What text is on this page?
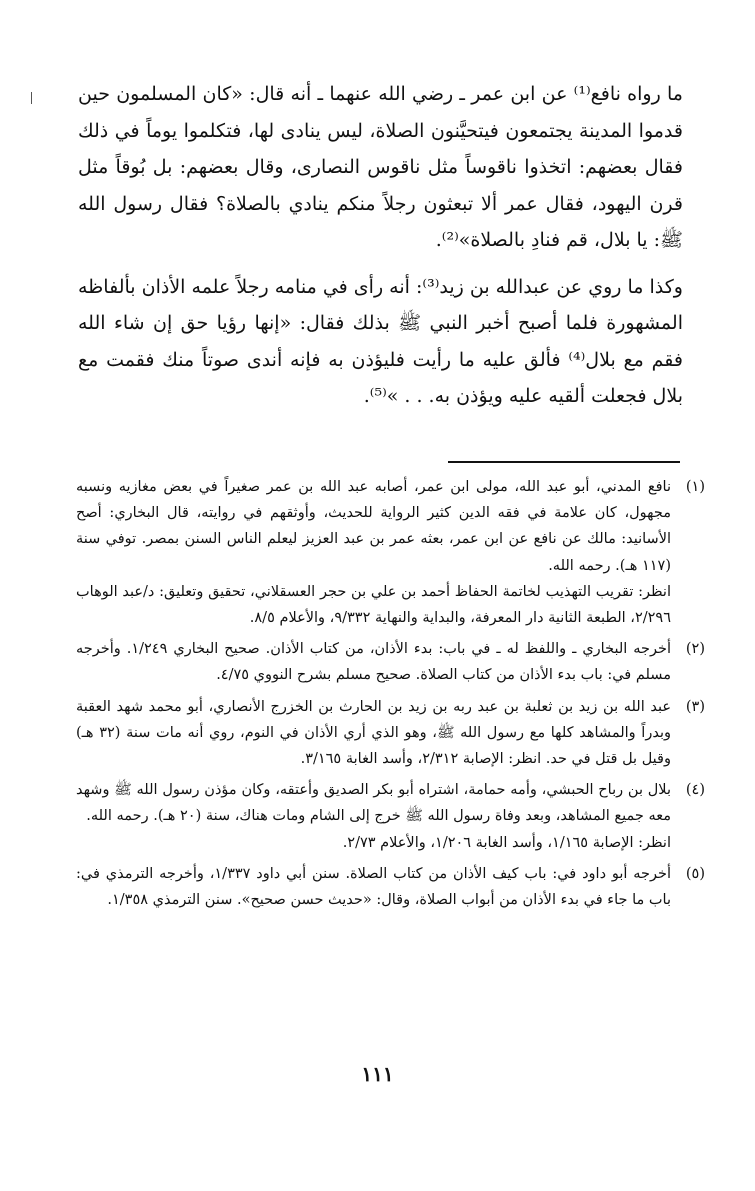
ما رواه نافع⁽¹⁾ عن ابن عمر ـ رضي الله عنهما ـ أنه قال: «كان المسلمون حين قدموا المدينة يجتمعون فيتحيَّنون الصلاة، ليس ينادى لها، فتكلموا يوماً في ذلك فقال بعضهم: اتخذوا ناقوساً مثل ناقوس النصارى، وقال بعضهم: بل بُوقاً مثل قرن اليهود، فقال عمر ألا تبعثون رجلاً منكم ينادي بالصلاة؟ فقال رسول الله ﷺ: يا بلال، قم فنادِ بالصلاة»⁽²⁾.

وكذا ما روي عن عبدالله بن زيد⁽³⁾: أنه رأى في منامه رجلاً علمه الأذان بألفاظه المشهورة فلما أصبح أخبر النبي ﷺ بذلك فقال: «إنها رؤيا حق إن شاء الله فقم مع بلال⁽⁴⁾ فألق عليه ما رأيت فليؤذن به فإنه أندى صوتاً منك فقمت مع بلال فجعلت ألقيه عليه ويؤذن به. . . »⁽⁵⁾.

(١)

نافع المدني، أبو عبد الله، مولى ابن عمر، أصابه عبد الله بن عمر صغيراً في بعض مغازيه ونسبه مجهول، كان علامة في فقه الدين كثير الرواية للحديث، وأوثقهم في روايته، قال البخاري: أصح الأسانيد: مالك عن نافع عن ابن عمر، بعثه عمر بن عبد العزيز ليعلم الناس السنن بمصر. توفي سنة (١١٧ هـ). رحمه الله.

انظر: تقريب التهذيب لخاتمة الحفاظ أحمد بن علي بن حجر العسقلاني، تحقيق وتعليق: د/عبد الوهاب ٢/٢٩٦، الطبعة الثانية دار المعرفة، والبداية والنهاية ٩/٣٣٢، والأعلام ٨/٥.

(٢)

أخرجه البخاري ـ واللفظ له ـ في باب: بدء الأذان، من كتاب الأذان. صحيح البخاري ١/٢٤٩. وأخرجه مسلم في: باب بدء الأذان من كتاب الصلاة. صحيح مسلم بشرح النووي ٤/٧٥.

(٣)

عبد الله بن زيد بن ثعلبة بن عبد ربه بن زيد بن الحارث بن الخزرج الأنصاري، أبو محمد شهد العقبة وبدراً والمشاهد كلها مع رسول الله ﷺ، وهو الذي أري الأذان في النوم، روي أنه مات سنة (٣٢ هـ) وقيل بل قتل في حد. انظر: الإصابة ٢/٣١٢، وأسد الغابة ٣/١٦٥.

(٤)

بلال بن رباح الحبشي، وأمه حمامة، اشتراه أبو بكر الصديق وأعتقه، وكان مؤذن رسول الله ﷺ وشهد معه جميع المشاهد، وبعد وفاة رسول الله ﷺ خرج إلى الشام ومات هناك، سنة (٢٠ هـ). رحمه الله.

انظر: الإصابة ١/١٦٥، وأسد الغابة ١/٢٠٦، والأعلام ٢/٧٣.

(٥)

أخرجه أبو داود في: باب كيف الأذان من كتاب الصلاة. سنن أبي داود ١/٣٣٧، وأخرجه الترمذي في: باب ما جاء في بدء الأذان من أبواب الصلاة، وقال: «حديث حسن صحيح». سنن الترمذي ١/٣٥٨.

١١١
